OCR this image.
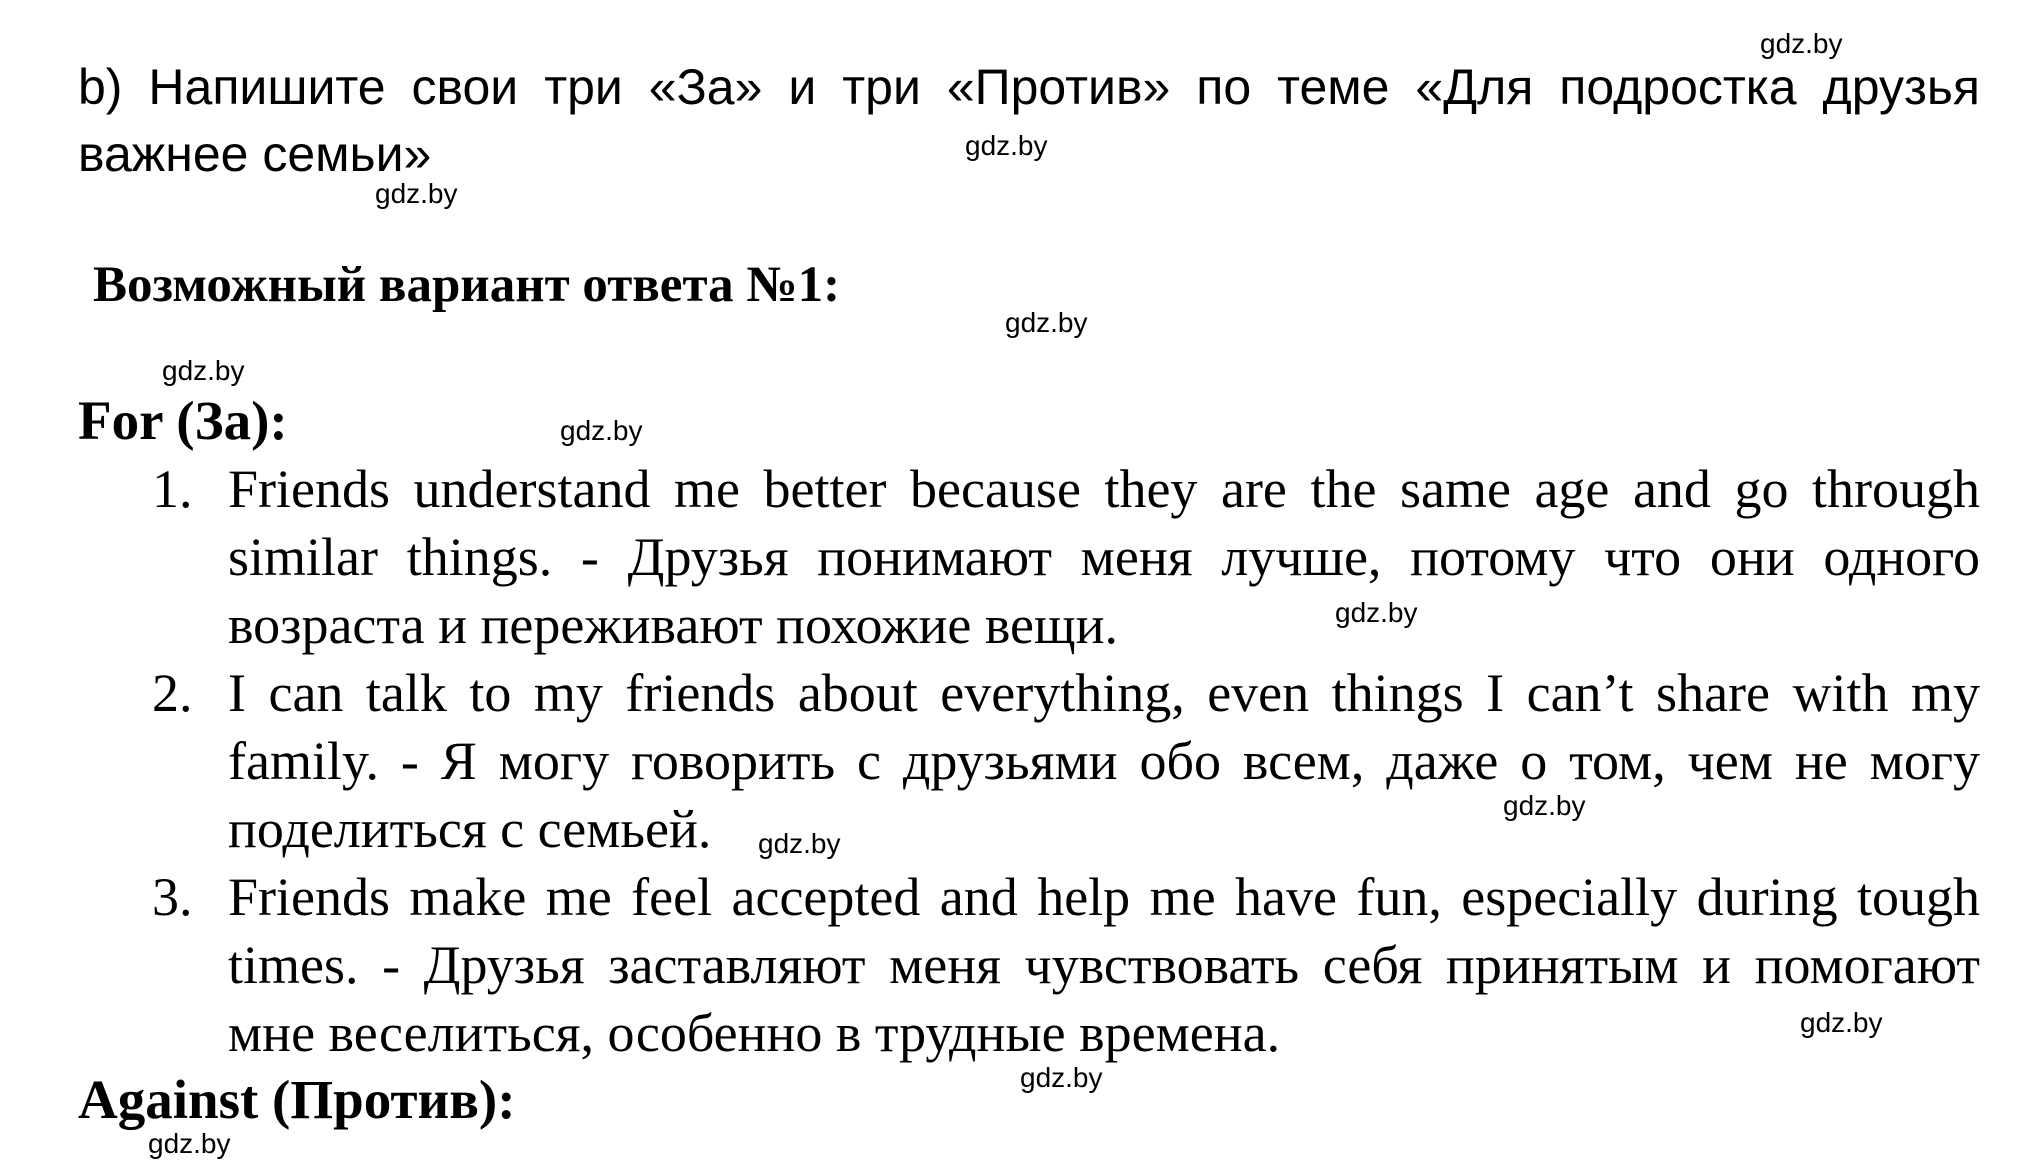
b) Напишите свои три «За» и три «Против» по теме «Для подростка друзья важнее семьи»

Возможный вариант ответа №1:

For (За):

1. Friends understand me better because they are the same age and go through similar things. - Друзья понимают меня лучше, потому что они одного возраста и переживают похожие вещи.
2. I can talk to my friends about everything, even things I can’t share with my family. - Я могу говорить с друзьями обо всем, даже о том, чем не могу поделиться с семьей.
3. Friends make me feel accepted and help me have fun, especially during tough times. - Друзья заставляют меня чувствовать себя принятым и помогают мне веселиться, особенно в трудные времена.

Against (Против):

gdz.by
gdz.by
gdz.by
gdz.by
gdz.by
gdz.by
gdz.by
gdz.by
gdz.by
gdz.by
gdz.by
gdz.by
